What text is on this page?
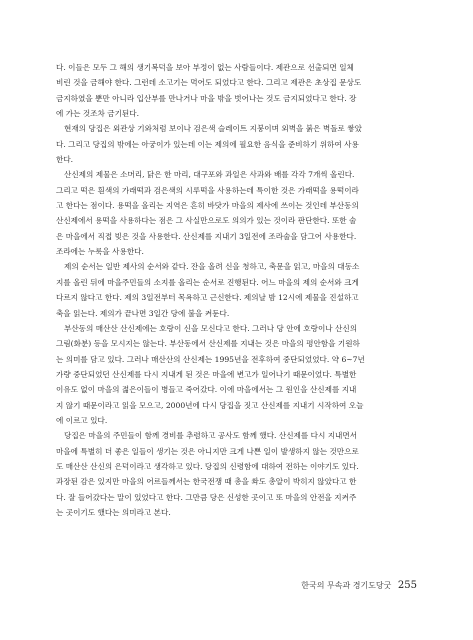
다. 이들은 모두 그 해의 생기복덕을 보아 부정이 없는 사람들이다. 제관으로 선출되면 일체
비린 것을 금해야 한다. 그런데 소고기는 먹어도 되었다고 한다. 그리고 제관은 초상집 문상도
금지하였을 뿐만 아니라 입산부를 만나거나 마을 밖을 벗어나는 것도 금지되었다고 한다. 장
에 가는 것조차 금기된다.
현재의 당집은 외관상 기와처럼 보이나 검은색 슬레이트 지붕이며 외벽을 붉은 벽돌로 쌓았
다. 그리고 당집의 밖에는 아궁이가 있는데 이는 제의에 필요한 음식을 준비하기 위하여 사용
한다.
산신제의 제물은 소머리, 닭은 한 마리, 대구포와 과일은 사과와 배를 각각 7개씩 올린다.
그리고 떡은 흰색의 가래떡과 검은색의 시루떡을 사용하는데 특이한 것은 가래떡을 용떡이라
고 한다는 점이다. 용떡을 올리는 지역은 흔히 바닷가 마을의 제사에 쓰이는 것인데 부산동의
산신제에서 용떡을 사용하다는 점은 그 사실만으로도 의의가 있는 것이라 판단한다. 또한 술
은 마을에서 직접 빚은 것을 사용한다. 산신제를 지내기 3일전에 조라술을 담그어 사용한다.
조라에는 누룩을 사용한다.
제의 순서는 일반 제사의 순서와 같다. 잔을 올려 신을 청하고, 축문을 읽고, 마을의 대동소
지를 올린 뒤에 마을주민들의 소지를 올리는 순서로 진행된다. 어느 마을의 제의 순서와 크게
다르지 않다고 한다. 제의 3일전부터 목욕하고 근신한다. 제의날 밤 12시에 제물을 진설하고
축을 읽는다. 제의가 끝나면 3일간 당에 불을 켜둔다.
부산동의 매산산 산신제에는 호랑이 신을 모신다고 한다. 그러나 당 안에 호랑이나 산신의
그림(화분) 등을 모시지는 않는다. 부산동에서 산신제를 지내는 것은 마을의 평안함을 기원하
는 의미를 담고 있다. 그러나 매산산의 산신제는 1995년을 전후하여 중단되었었다. 약 6~7년
가량 중단되었던 산신제를 다시 지내게 된 것은 마을에 변고가 일어나기 때문이었다. 특별한
이유도 없이 마을의 젊은이들이 병들고 죽어갔다. 이에 마을에서는 그 원인을 산신제를 지내
지 않기 때문이라고 읽을 모으고, 2000년에 다시 당집을 짓고 산신제를 지내기 시작하여 오늘
에 이르고 있다.
당집은 마을의 주민들이 함께 경비를 추렴하고 공사도 함께 했다. 산신제를 다시 지내면서
마을에 특별히 더 좋은 일들이 생기는 것은 아니지만 크게 나쁜 일이 발생하지 않는 것만으로
도 매산산 산신의 은덕이라고 생각하고 있다. 당집의 신령함에 대하여 전하는 이야기도 있다.
과장된 감은 있지만 마을의 어르들께서는 한국전쟁 때 총을 쏴도 총알이 박히지 않았다고 한
다. 잘 들어갔다는 말이 있었다고 한다. 그만큼 당은 신성한 곳이고 또 마을의 안전을 지켜주
는 곳이기도 했다는 의미라고 본다.
한국의 무속과 경기도당굿 255
